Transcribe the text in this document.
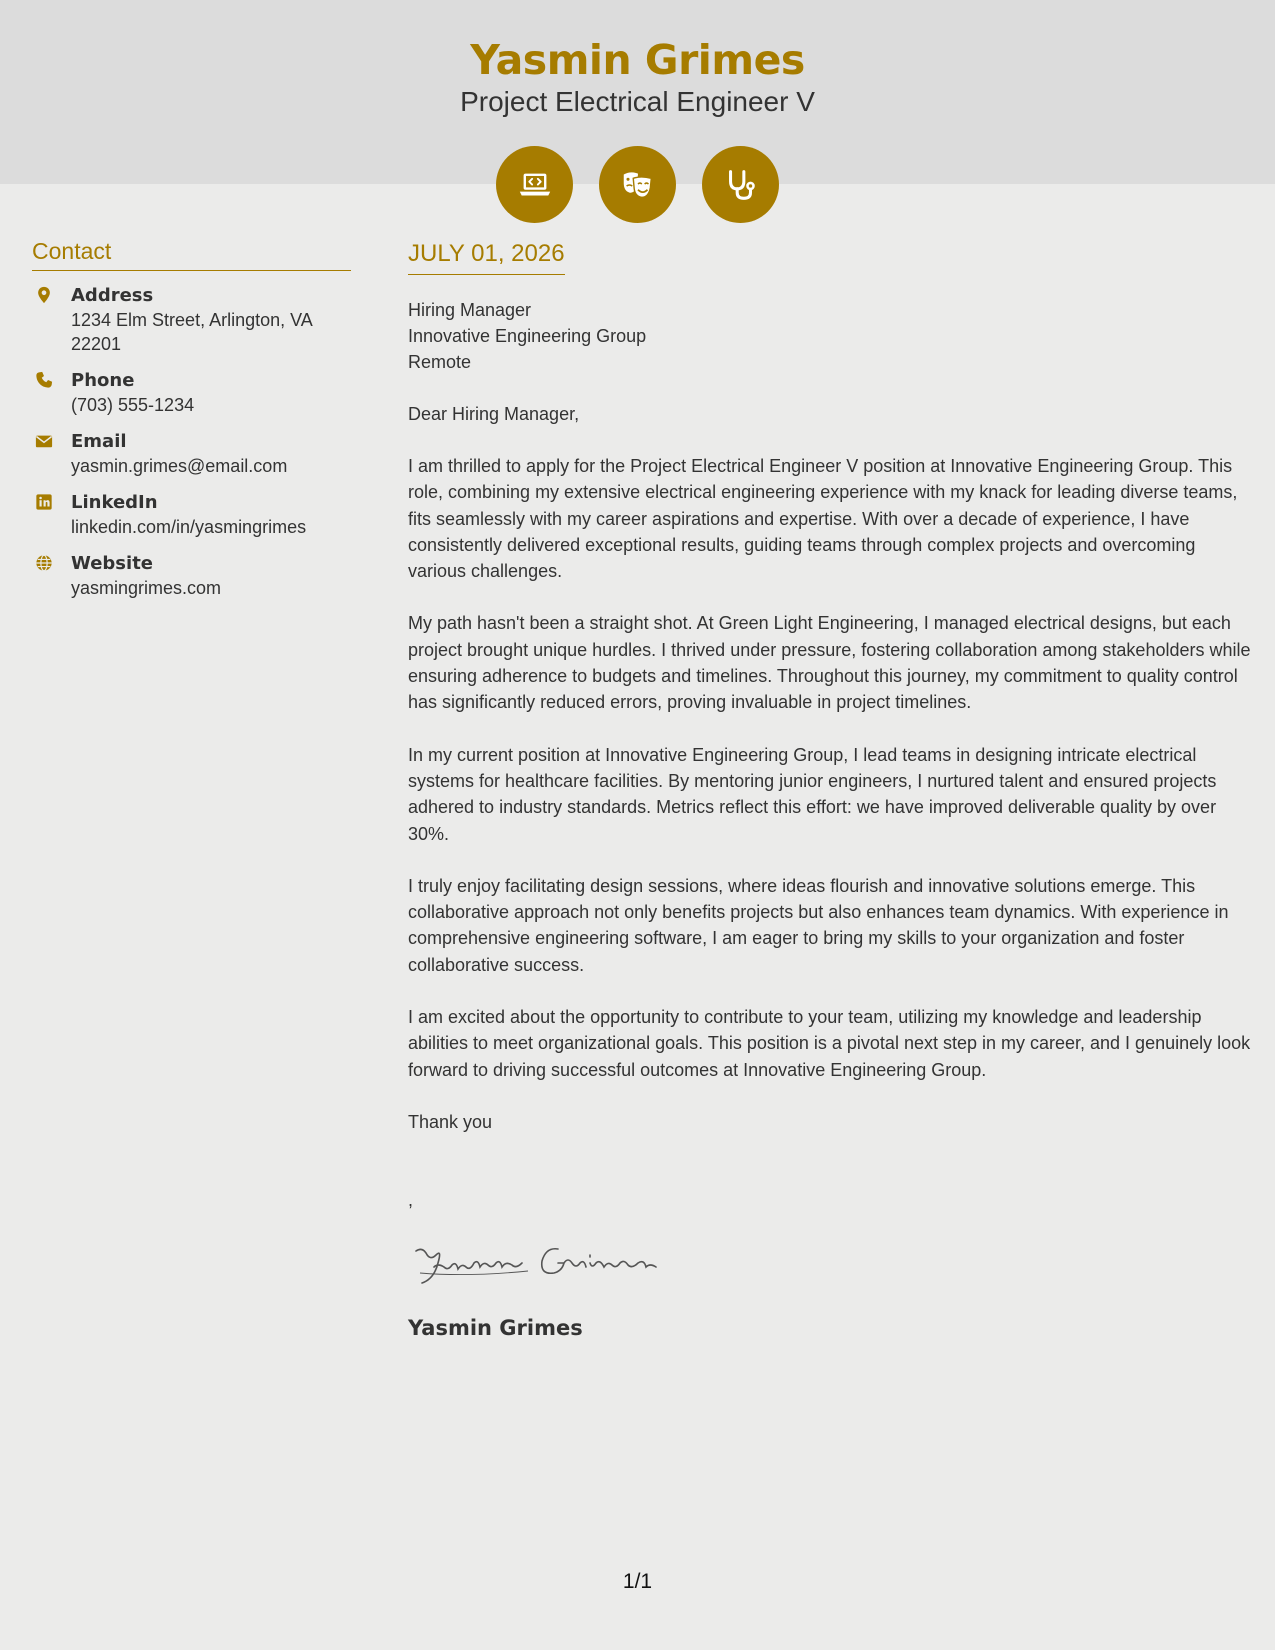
Yasmin Grimes
Project Electrical Engineer V
Contact
Address
1234 Elm Street, Arlington, VA
22201
Phone
(703) 555-1234
Email
yasmin.grimes@email.com
LinkedIn
linkedin.com/in/yasmingrimes
Website
yasmingrimes.com
JULY 01, 2026
Hiring Manager
Innovative Engineering Group
Remote
Dear Hiring Manager,
I am thrilled to apply for the Project Electrical Engineer V position at Innovative Engineering Group. This role, combining my extensive electrical engineering experience with my knack for leading diverse teams, fits seamlessly with my career aspirations and expertise. With over a decade of experience, I have consistently delivered exceptional results, guiding teams through complex projects and overcoming various challenges.
My path hasn't been a straight shot. At Green Light Engineering, I managed electrical designs, but each project brought unique hurdles. I thrived under pressure, fostering collaboration among stakeholders while ensuring adherence to budgets and timelines. Throughout this journey, my commitment to quality control has significantly reduced errors, proving invaluable in project timelines.
In my current position at Innovative Engineering Group, I lead teams in designing intricate electrical systems for healthcare facilities. By mentoring junior engineers, I nurtured talent and ensured projects adhered to industry standards. Metrics reflect this effort: we have improved deliverable quality by over 30%.
I truly enjoy facilitating design sessions, where ideas flourish and innovative solutions emerge. This collaborative approach not only benefits projects but also enhances team dynamics. With experience in comprehensive engineering software, I am eager to bring my skills to your organization and foster collaborative success.
I am excited about the opportunity to contribute to your team, utilizing my knowledge and leadership abilities to meet organizational goals. This position is a pivotal next step in my career, and I genuinely look forward to driving successful outcomes at Innovative Engineering Group.
Thank you
,
Yasmin Grimes
1/1
